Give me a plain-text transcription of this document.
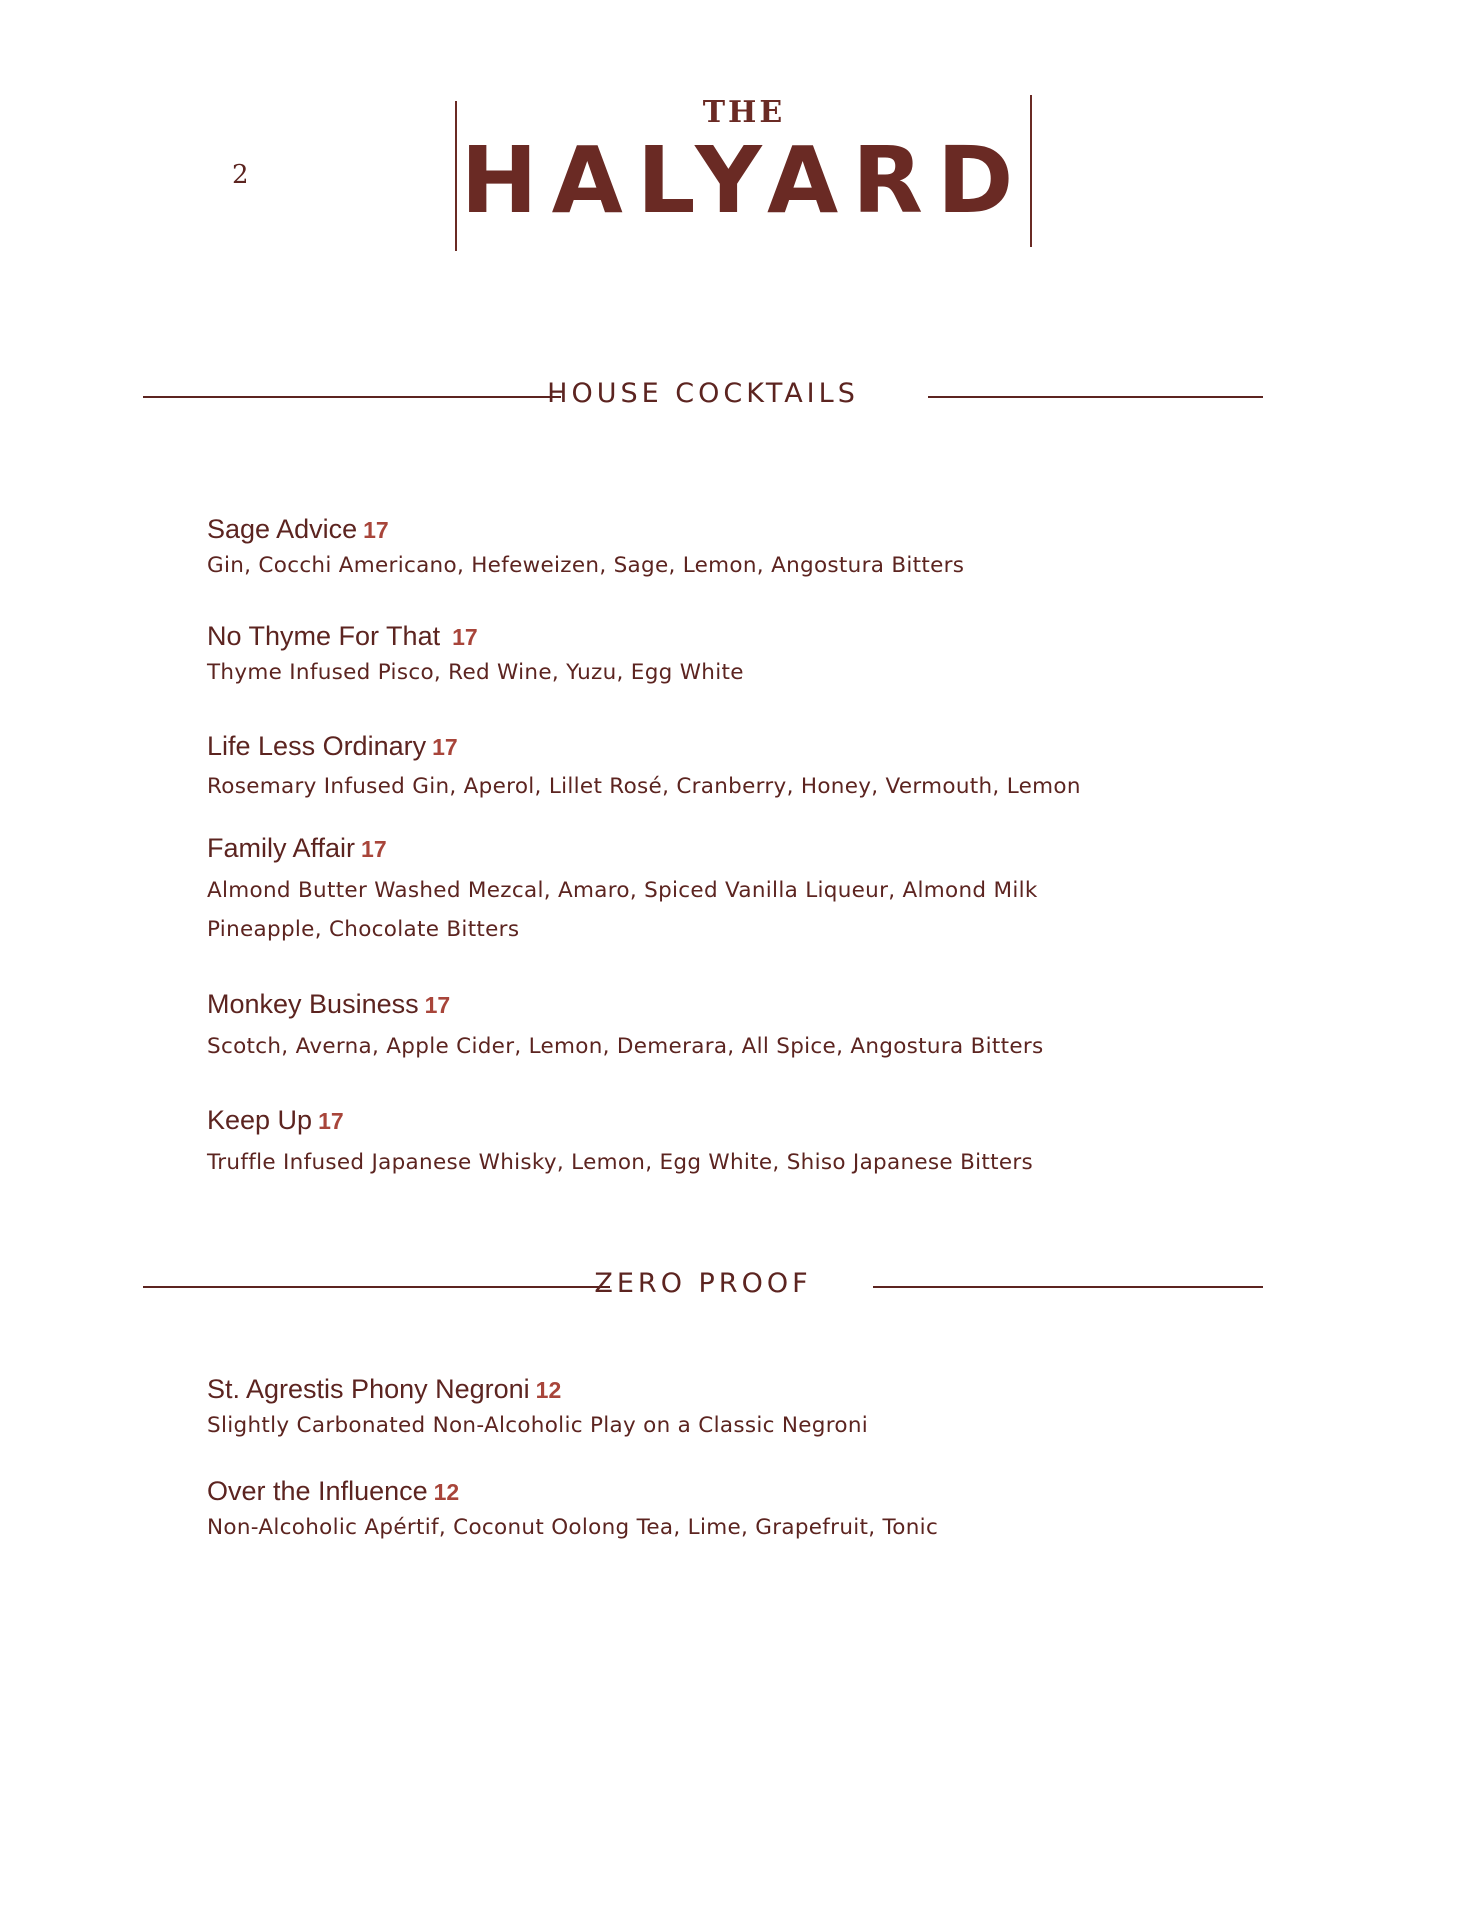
2
THE
HALYARD
HOUSE COCKTAILS
Sage Advice 17
Gin, Cocchi Americano, Hefeweizen, Sage, Lemon, Angostura Bitters
No Thyme For That 17
Thyme Infused Pisco, Red Wine, Yuzu, Egg White
Life Less Ordinary 17
Rosemary Infused Gin, Aperol, Lillet Rosé, Cranberry, Honey, Vermouth, Lemon
Family Affair 17
Almond Butter Washed Mezcal, Amaro, Spiced Vanilla Liqueur, Almond Milk
Pineapple, Chocolate Bitters
Monkey Business 17
Scotch, Averna, Apple Cider, Lemon, Demerara, All Spice, Angostura Bitters
Keep Up 17
Truffle Infused Japanese Whisky, Lemon, Egg White, Shiso Japanese Bitters
ZERO PROOF
St. Agrestis Phony Negroni 12
Slightly Carbonated Non-Alcoholic Play on a Classic Negroni
Over the Influence 12
Non-Alcoholic Apértif, Coconut Oolong Tea, Lime, Grapefruit, Tonic
